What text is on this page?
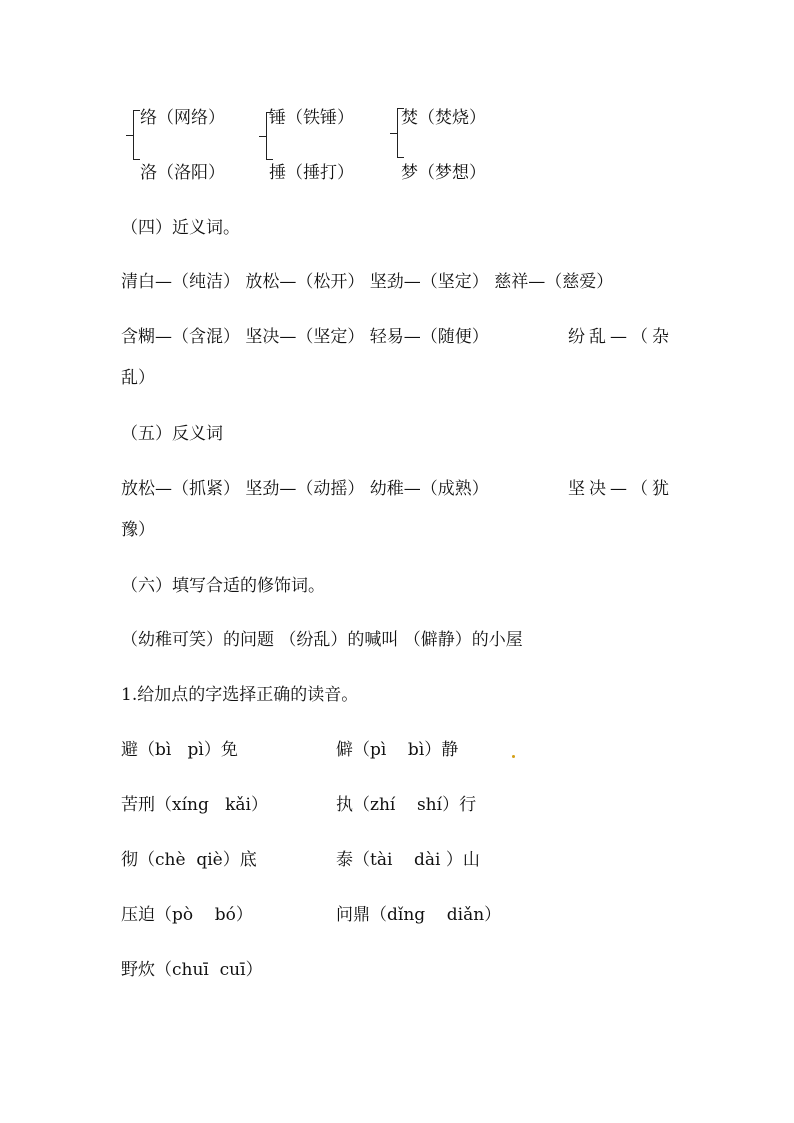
络（网络）
洛（洛阳）
锤（铁锤）
捶（捶打）
焚（焚烧）
梦（梦想）
（四）近义词。
清白—（纯洁） 放松—（松开） 坚劲—（坚定） 慈祥—（慈爱）
含糊—（含混） 坚决—（坚定） 轻易—（随便）	纷乱—（杂
乱）
（五）反义词
放松—（抓紧） 坚劲—（动摇） 幼稚—（成熟）	坚决—（犹
豫）
（六）填写合适的修饰词。
（幼稚可笑）的问题 （纷乱）的喊叫 （僻静）的小屋
1.给加点的字选择正确的读音。
避（bì   pì）免	僻（pì    bì）静
苦刑（xíng   kǎi）	执（zhí    shí）行
彻（chè  qiè）底	泰（tài    dài ）山
压迫（pò    bó）	问鼎（dǐng    diǎn）
野炊（chuī  cuī）
